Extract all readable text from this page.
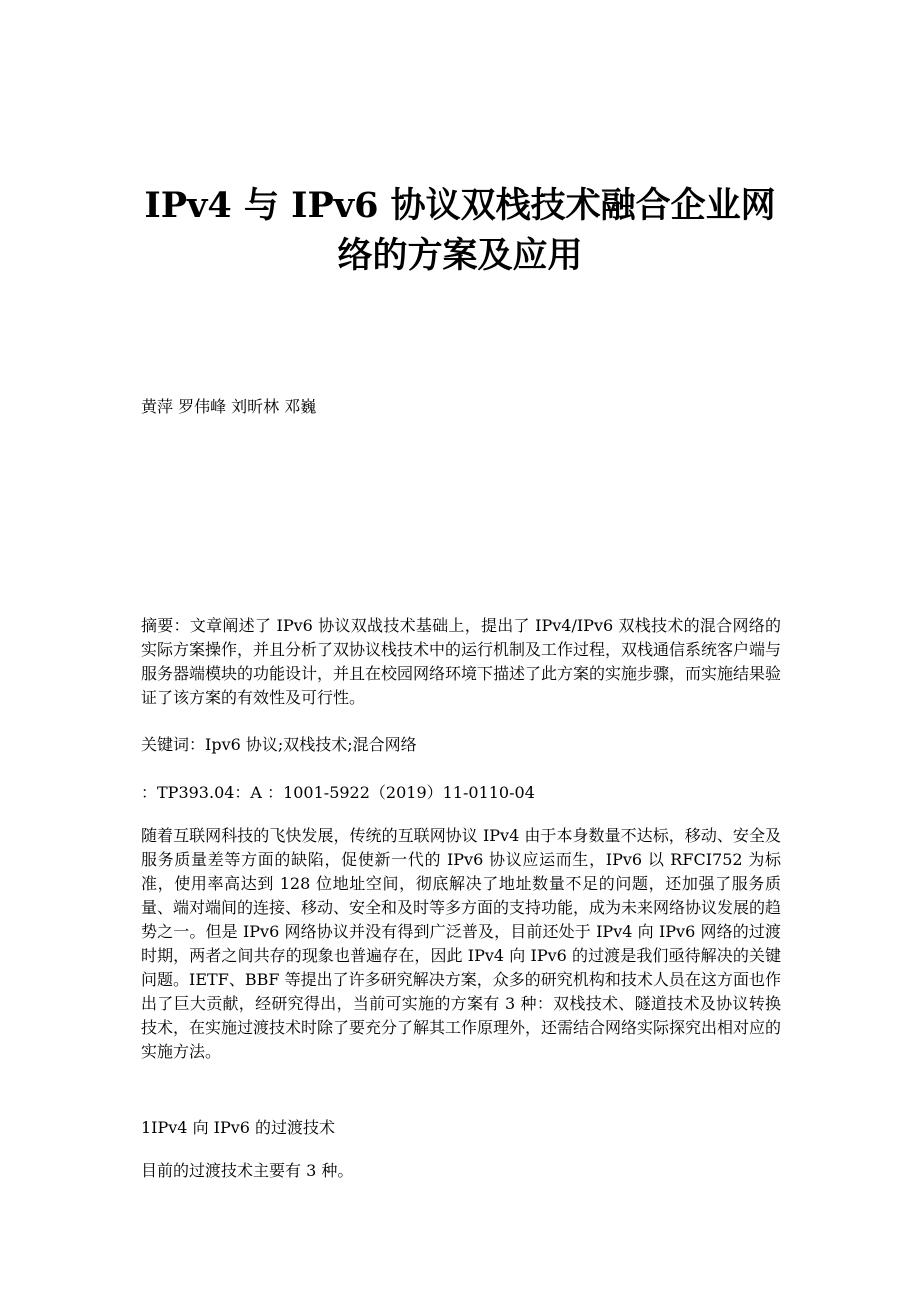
IPv4 与 IPv6 协议双栈技术融合企业网
络的方案及应用

黄萍 罗伟峰 刘昕林 邓巍

摘要：文章阐述了 IPv6 协议双战技术基础上，提出了 IPv4/IPv6 双栈技术的混合网络的实际方案操作，并且分析了双协议栈技术中的运行机制及工作过程，双栈通信系统客户端与服务器端模块的功能设计，并且在校园网络环境下描述了此方案的实施步骤，而实施结果验证了该方案的有效性及可行性。

关键词：Ipv6 协议;双栈技术;混合网络

：TP393.04：A ：1001-5922（2019）11-0110-04

随着互联网科技的飞快发展，传统的互联网协议 IPv4 由于本身数量不达标，移动、安全及服务质量差等方面的缺陷，促使新一代的 IPv6 协议应运而生，IPv6 以 RFCI752 为标准，使用率高达到 128 位地址空间，彻底解决了地址数量不足的问题，还加强了服务质量、端对端间的连接、移动、安全和及时等多方面的支持功能，成为未来网络协议发展的趋势之一。但是 IPv6 网络协议并没有得到广泛普及，目前还处于 IPv4 向 IPv6 网络的过渡时期，两者之间共存的现象也普遍存在，因此 IPv4 向 IPv6 的过渡是我们亟待解决的关键问题。IETF、BBF 等提出了许多研究解决方案，众多的研究机构和技术人员在这方面也作出了巨大贡献，经研究得出，当前可实施的方案有 3 种：双栈技术、隧道技术及协议转换技术，在实施过渡技术时除了要充分了解其工作原理外，还需结合网络实际探究出相对应的实施方法。

1IPv4 向 IPv6 的过渡技术

目前的过渡技术主要有 3 种。
